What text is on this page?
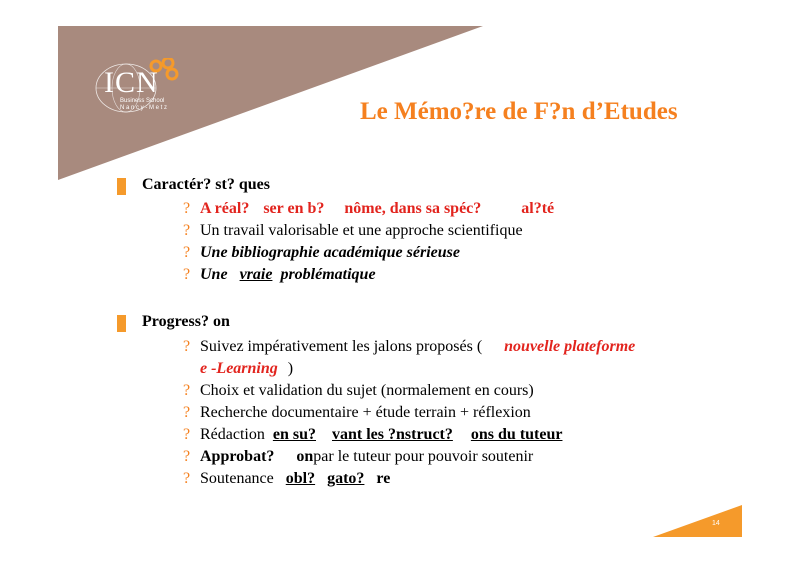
ICN
Business School
N a n c y - M e t z	Le Mémo?re de F?n d’Etudes
Caractér? st? ques
? A réal? ser en b? nôme, dans sa spéc?	al?té
? Un travail valorisable et une approche scientifique
? Une bibliographie académique sérieuse
? Une vraie problématique
Progress? on
? Suivez impérativement les jalons proposés ( nouvelle plateforme
e -Learning )
? Choix et validation du sujet (normalement en cours)
? Recherche documentaire + étude terrain + réflexion
? Rédaction en su? vant les ?nstruct? ons du tuteur
? Approbat? onpar le tuteur pour pouvoir soutenir
? Soutenance obl? gato? re
14
